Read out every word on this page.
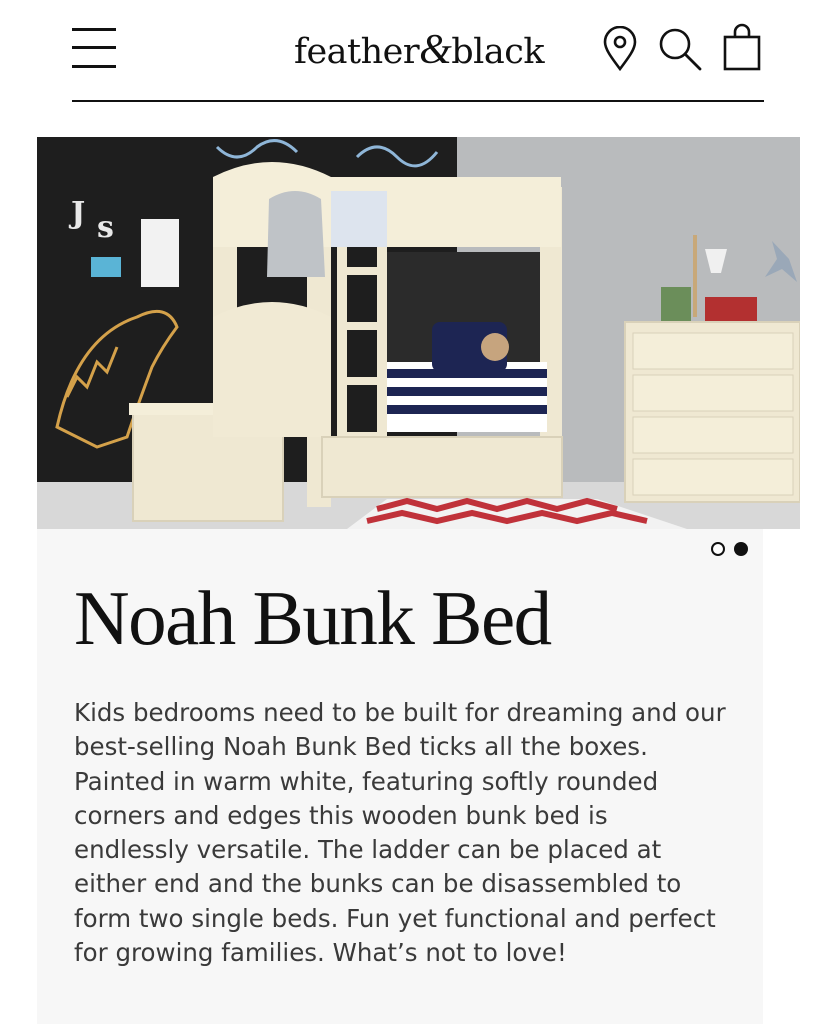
feather&black
J s
Noah Bunk Bed

Kids bedrooms need to be built for dreaming and our
best-selling Noah Bunk Bed ticks all the boxes.
Painted in warm white, featuring softly rounded
corners and edges this wooden bunk bed is
endlessly versatile. The ladder can be placed at
either end and the bunks can be disassembled to
form two single beds. Fun yet functional and perfect
for growing families. What’s not to love!
